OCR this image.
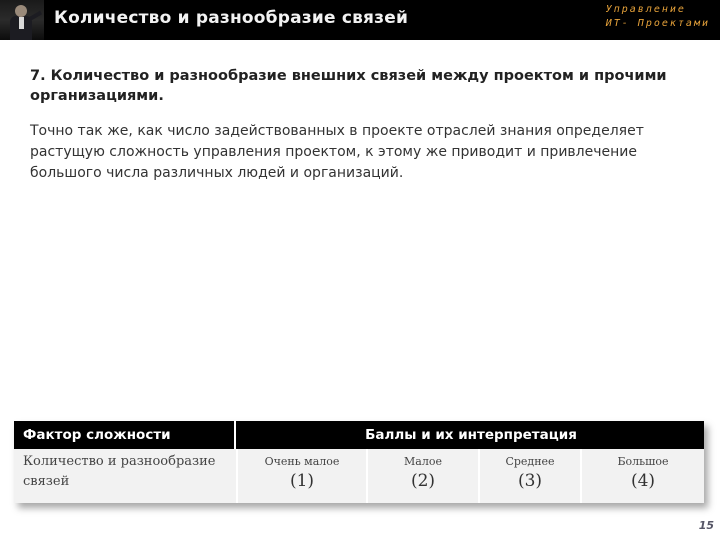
Количество и разнообразие связей	Управление
ИТ- Проектами
7. Количество и разнообразие внешних связей между проектом и прочими организациями.
Точно так же, как число задействованных в проекте отраслей знания определяет растущую сложность управления проектом, к этому же приводит и привлечение большого числа различных людей и организаций.
Фактор сложности	Баллы и их интерпретация
Количество и разнообразие связей
Очень малое
(1)
Малое
(2)
Среднее
(3)
Большое
(4)
15
